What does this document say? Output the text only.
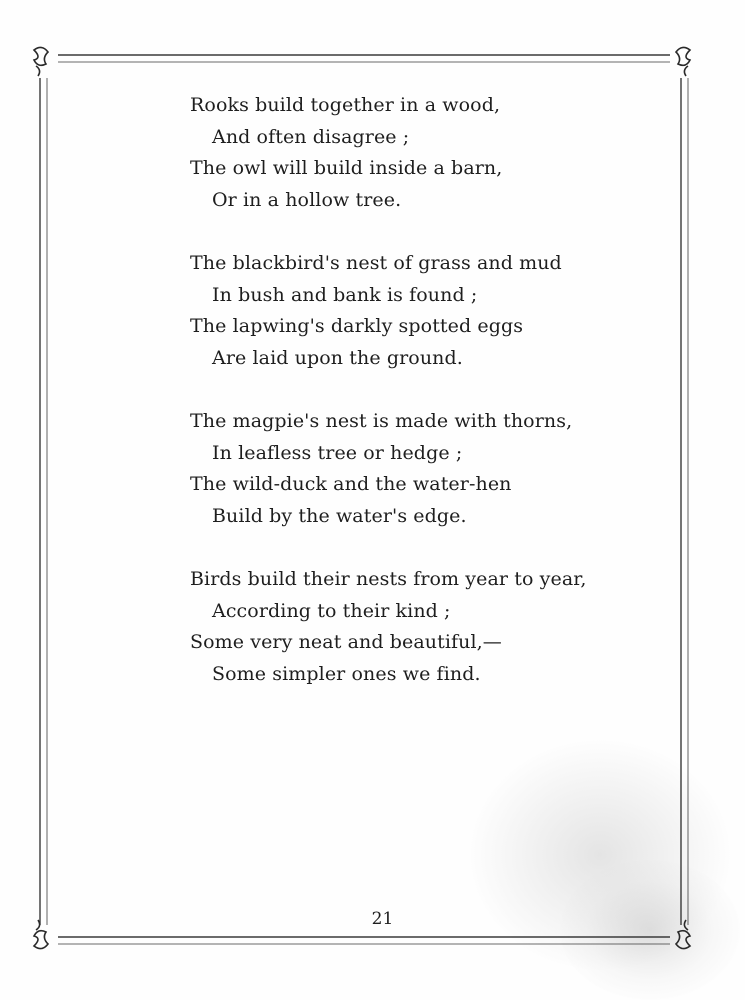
Rooks build together in a wood,
And often disagree ;
The owl will build inside a barn,
Or in a hollow tree.
The blackbird's nest of grass and mud
In bush and bank is found ;
The lapwing's darkly spotted eggs
Are laid upon the ground.
The magpie's nest is made with thorns,
In leafless tree or hedge ;
The wild-duck and the water-hen
Build by the water's edge.
Birds build their nests from year to year,
According to their kind ;
Some very neat and beautiful,—
Some simpler ones we find.
21
